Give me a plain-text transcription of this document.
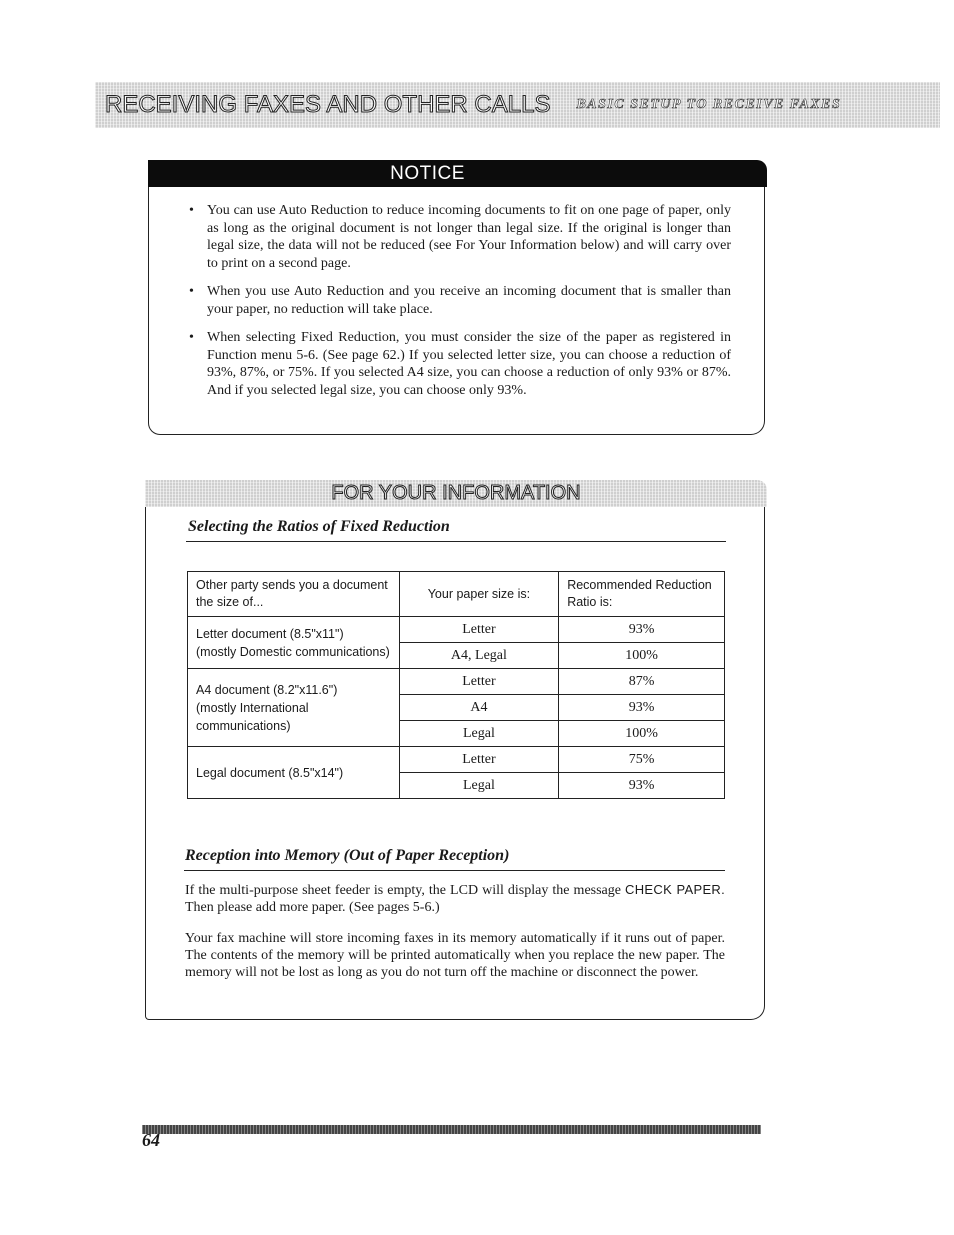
RECEIVING FAXES AND OTHER CALLS BASIC SETUP TO RECEIVE FAXES
NOTICE
• You can use Auto Reduction to reduce incoming documents to fit on one page of paper, only as long as the original document is not longer than legal size. If the original is longer than legal size, the data will not be reduced (see For Your Information below) and will carry over to print on a second page.
• When you use Auto Reduction and you receive an incoming document that is smaller than your paper, no reduction will take place.
• When selecting Fixed Reduction, you must consider the size of the paper as registered in Function menu 5-6. (See page 62.) If you selected letter size, you can choose a reduction of 93%, 87%, or 75%. If you selected A4 size, you can choose a reduction of only 93% or 87%. And if you selected legal size, you can choose only 93%.
FOR YOUR INFORMATION
Selecting the Ratios of Fixed Reduction
Other party sends you a document the size of...	Your paper size is:	Recommended Reduction Ratio is:

Letter document (8.5"x11")
(mostly Domestic communications)	Letter	93%
	A4, Legal	100%

A4 document (8.2"x11.6")
(mostly International communications)	Letter	87%
	A4	93%
	Legal	100%

Legal document (8.5"x14")	Letter	75%
	Legal	93%
Reception into Memory (Out of Paper Reception)

If the multi-purpose sheet feeder is empty, the LCD will display the message CHECK PAPER. Then please add more paper. (See pages 5-6.)

Your fax machine will store incoming faxes in its memory automatically if it runs out of paper. The contents of the memory will be printed automatically when you replace the new paper. The memory will not be lost as long as you do not turn off the machine or disconnect the power.

64
